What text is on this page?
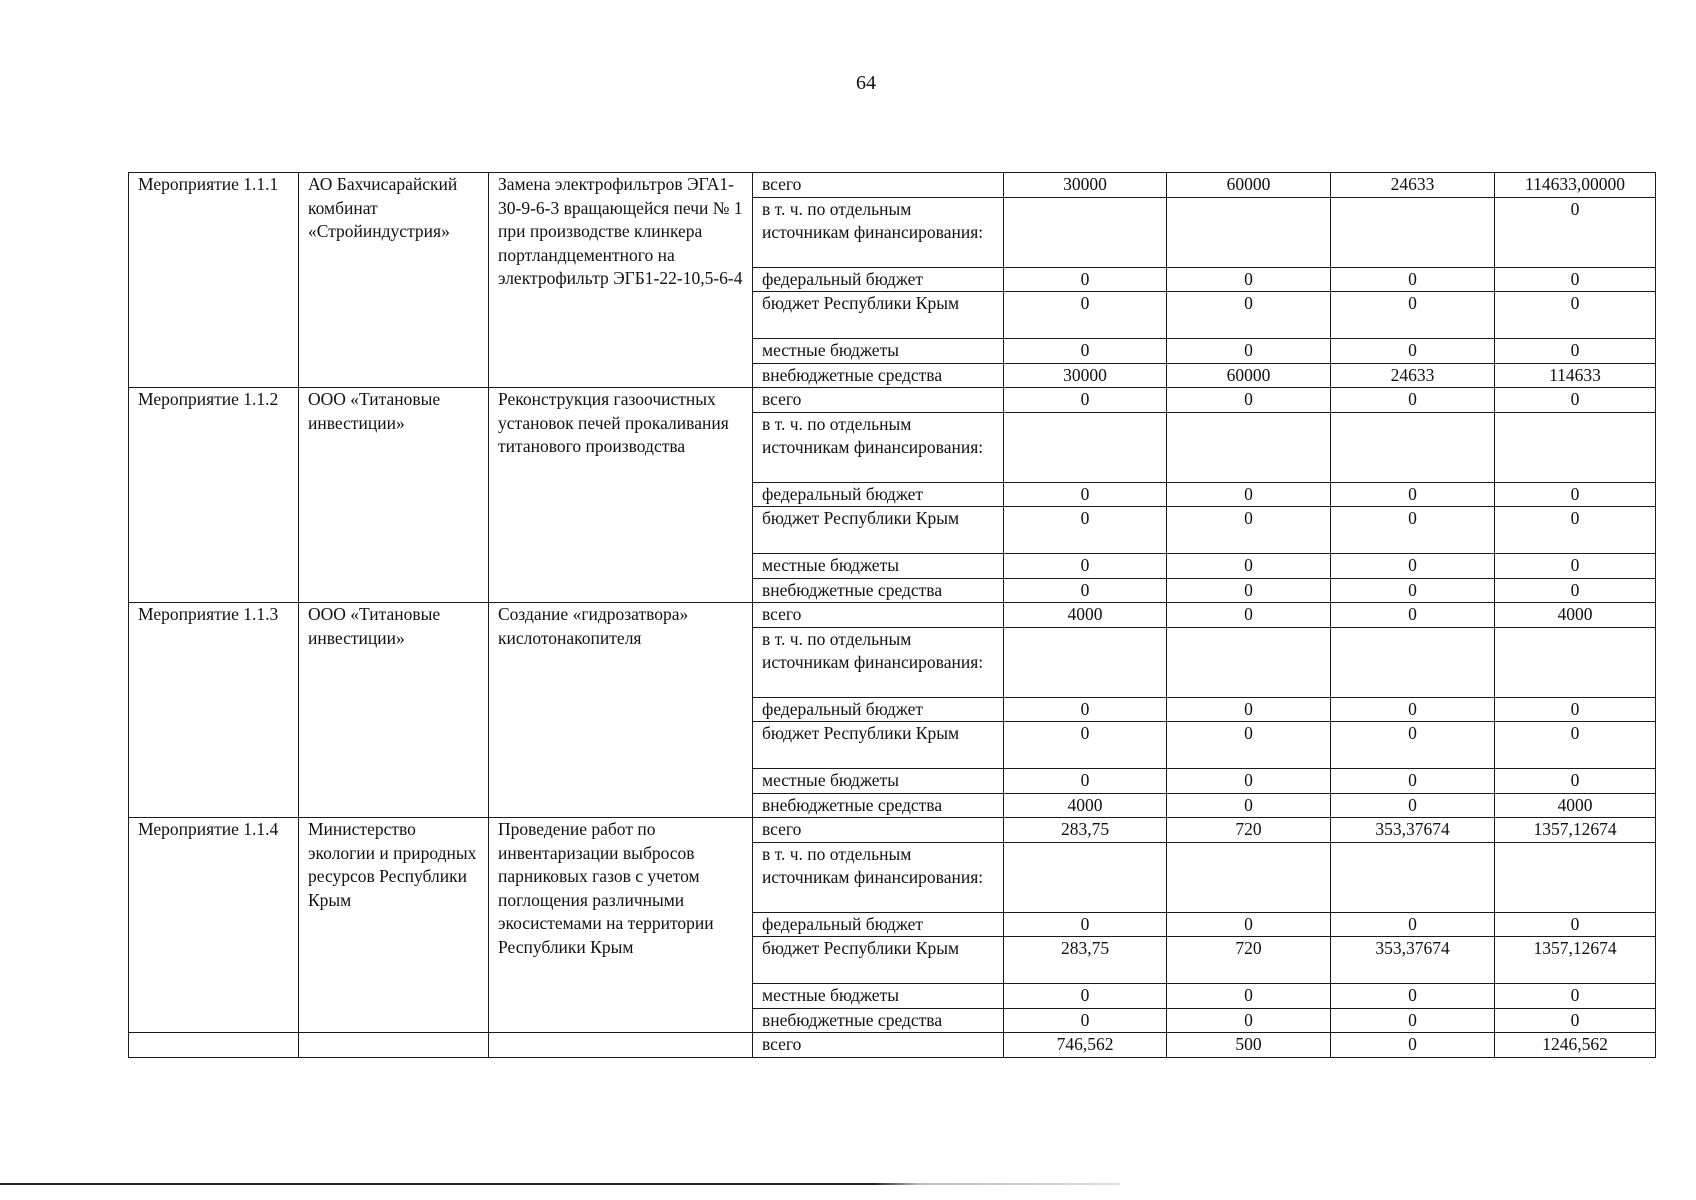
64
Мероприятие 1.1.1	АО Бахчисарайский комбинат «Стройиндустрия»	Замена электрофильтров ЭГА1-30-9-6-3 вращающейся печи № 1 при производстве клинкера портландцементного на электрофильтр ЭГБ1-22-10,5-6-4	всего	30000	60000	24633	114633,00000
			в т. ч. по отдельным источникам финансирования:				0
			федеральный бюджет	0	0	0	0
			бюджет Республики Крым	0	0	0	0
			местные бюджеты	0	0	0	0
			внебюджетные средства	30000	60000	24633	114633
Мероприятие 1.1.2	ООО «Титановые инвестиции»	Реконструкция газоочистных установок печей прокаливания титанового производства	всего	0	0	0	0
			в т. ч. по отдельным источникам финансирования:				
			федеральный бюджет	0	0	0	0
			бюджет Республики Крым	0	0	0	0
			местные бюджеты	0	0	0	0
			внебюджетные средства	0	0	0	0
Мероприятие 1.1.3	ООО «Титановые инвестиции»	Создание «гидрозатвора» кислотонакопителя	всего	4000	0	0	4000
			в т. ч. по отдельным источникам финансирования:				
			федеральный бюджет	0	0	0	0
			бюджет Республики Крым	0	0	0	0
			местные бюджеты	0	0	0	0
			внебюджетные средства	4000	0	0	4000
Мероприятие 1.1.4	Министерство экологии и природных ресурсов Республики Крым	Проведение работ по инвентаризации выбросов парниковых газов с учетом поглощения различными экосистемами на территории Республики Крым	всего	283,75	720	353,37674	1357,12674
			в т. ч. по отдельным источникам финансирования:				
			федеральный бюджет	0	0	0	0
			бюджет Республики Крым	283,75	720	353,37674	1357,12674
			местные бюджеты	0	0	0	0
			внебюджетные средства	0	0	0	0
			всего	746,562	500	0	1246,562
